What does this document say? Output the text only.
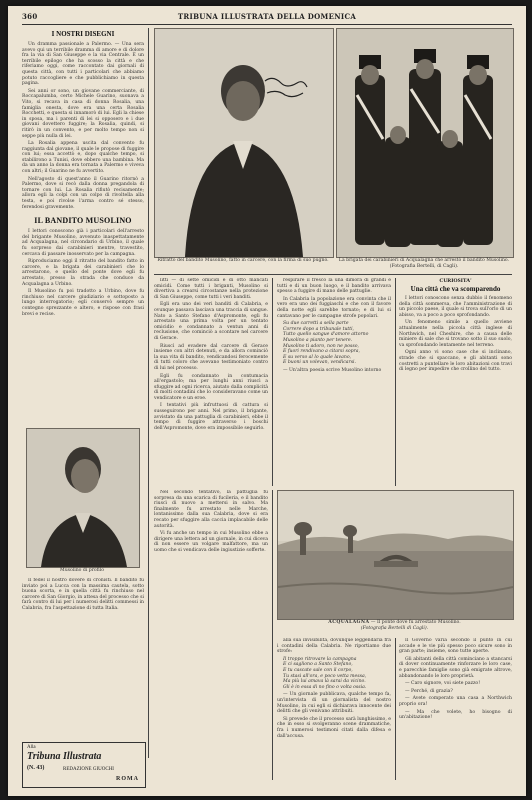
360	TRIBUNA ILLUSTRATA DELLA DOMENICA
I NOSTRI DISEGNI

Un dramma passionale a Palermo. — Una sera avevo qui un terribile dramma di amore e di dolore fra la via di San Giuseppe e la via Centrale. È un terribile epilogo che ha scosso la città e che riferiamo oggi, come raccontato dai giornali di questa città, con tutti i particolari che abbiamo potuto raccogliere e che pubblichiamo in questa pagina.

Sei anni or sono, un giovane commerciante, di Roccapalumba, certo Michele Guarino, suonava a Vito, si recava in casa di donna Rosalia, una famiglia onesta, dove era una certa Rosalia Rocchetti, e questa si innamorò di lui. Egli la chiese in sposa, ma i parenti di lei si opposero e i due giovani dovettero fuggire; la Rosalia, quindi, si ritirò in un convento, e per molto tempo non si seppe più nulla di lei.

La Rosalia appena uscita dal convento fu raggiunta dal giovane, il quale le propose di fuggire con lui; essa accettò e, dopo qualche tempo, si stabilirono a Tunisi, dove ebbero una bambina. Ma da un anno la donna era tornata a Palermo e viveva con altri; il Guarino ne fu avvertito.

Nell'agosto di quest'anno il Guarino ritornò a Palermo, dove si recò dalla donna pregandola di tornare con lui. La Rosalia rifiutò recisamente; allora egli la colpì con un colpo di rivoltella alla testa, e poi rivolse l'arma contro sé stesso, ferendosi gravemente.

IL BANDITO MUSOLINO

I lettori conoscono già i particolari dell'arresto del brigante Musolino, avvenuto inaspettatamente ad Acqualagna, nel circondario di Urbino, il quale fu sorpreso dai carabinieri mentre, travestito, cercava di passare inosservato per la campagna.

Riproduciamo oggi il ritratto del bandito fatto in carcere, e la brigata dei carabinieri che lo arrestarono, e quello del ponte dove egli fu arrestato, presso la strada che conduce da Acqualagna a Urbino.

Il Musolino fu poi tradotto a Urbino, dove fu rinchiuso nel carcere giudiziario e sottoposto a lungo interrogatorio; egli conservò sempre un contegno sprezzante e altero, e rispose con frasi brevi e recise.

Musolino di profilo

Il fedel il nostro dovere di cronisti. Il bandito fu inviato poi a Lucca con la massima cautela, sotto buona scorta, e in quella città fu rinchiuso nel carcere di San Giorgio, in attesa del processo che si farà contro di lui per i numerosi delitti commessi in Calabria, fra l'aspettazione di tutta Italia.

Alla
Tribuna Illustrata
(N. 43)	REDAZIONE GIUOCHI
ROMA
Ritratto del bandito Musolino, fatto in carcere, con la firma di suo pugno.	La brigata dei carabinieri di Acqualagna che arrestò il bandito Musolino. (Fotografia Bertelli, di Cagli).

litti — di sette omicidi e di otto mancati omicidi. Come tutti i briganti, Musolino si divertiva a crearsi circostanze nella protezione di San Giuseppe, come tutti i veri banditi.

Egli era uno dei veri banditi di Calabria, e ovunque passava lasciava una traccia di sangue. Nato a Santo Stefano d'Aspromonte, egli fu arrestato una prima volta per un tentato omicidio e condannato a ventun anni di reclusione, che cominciò a scontare nel carcere di Gerace.

Riuscì ad evadere dal carcere di Gerace insieme con altri detenuti, e da allora cominciò la sua vita di bandito, vendicandosi ferocemente di tutti coloro che avevano testimoniato contro di lui nel processo.

Egli fu condannato in contumacia all'ergastolo; ma per lunghi anni riuscì a sfuggire ad ogni ricerca, aiutato dalla complicità di molti contadini che lo consideravano come un vendicatore e un eroe.

I tentativi più infruttuosi di cattura si susseguirono per anni. Nel primo, il brigante, avvistato da una pattuglia di carabinieri, ebbe il tempo di fuggire attraverso i boschi dell'Aspromonte, dove era impossibile seguirlo.

respirare il fresco la una dimora di grandi e tutti e di un buon luogo, e il bandito arrivava spesso a fuggire di mano delle pattuglie.

In Calabria la popolazione era convinta che il vero era uno dei fuggiaschi e che con il favore della notte egli sarebbe tornato; e di lui si cantavano per le campagne strofe popolari.

Su due carretti a sella parte
Correre dopo a tribunale tutti,
Tutto quello sangue d'amore attorno
Musolino a pianto per tenere.
Musolino ti adoro, non ne posso,
E fuori rendivano a citarsi sopra,
E su verso al lo quale lavano,
E buoni un volevan, vendicarsi.

— Un'altra poesia scrive Musolino intorno

CURIOSITA'
Una città che va scomparendo

I lettori conoscono senza dubbio il fenomeno della città sommersa, che l'amministrazione di un piccolo paese, il quale si trova sull'orlo di un abisso, va a poco a poco sprofondando.

Un fenomeno simile a quello avviene attualmente nella piccola città inglese di Northwich, nel Cheshire, che a causa delle miniere di sale che si trovano sotto il suo suolo, va sprofondando lentamente nel terreno.

Ogni anno vi sono case che si inclinano, strade che si spaccano, e gli abitanti sono costretti a puntellare le loro abitazioni con travi di legno per impedire che crollino del tutto.

ACQUALAGNA — Il ponte dove fu arrestato Musolino.
(Fotografia Bertelli di Cagli).

Nel secondo tentativo, la pattuglia fu sorpresa da una scarica di fucileria, e il bandito riuscì di nuovo a mettersi in salvo. Ma finalmente fu arrestato nelle Marche, lontanissimo dalla sua Calabria, dove si era recato per sfuggire alla caccia implacabile delle autorità.

Vi fu anche un tempo in cui Musolino ebbe a dirigere una lettera ad un giornale, in cui diceva di non essere un volgare malfattore, ma un uomo che si vendicava delle ingiustizie sofferte.

alla sua invisibilità, dovunque leggendaria fra i contadini della Calabria. Ne riportiamo due strofe:

Il troppo ritrovare la campagna
E ci sagliono a Santo Stefano,
E tu cascate sale con il corpo,
Tu stasi all'ora, e poco vetta messa,
Ma più lui amava là sarai da vicino.
Gli è in essa di no fino o volta ossia.

— Un giornale pubblicava, qualche tempo fa, un'intervista di un giornalista del nostro Musolino, in cui egli si dichiarava innocente dei delitti che gli venivano attribuiti.

Si prevede che il processo sarà lunghissimo, e che in esso si svolgeranno scene drammatiche, fra i numerosi testimoni citati dalla difesa e dall'accusa.

Il Governo varia secondo il punto in cui accade e le vie più spesso poco sicure sono in gran parte; insieme, sono tutte aperte.

Gli abitanti della città cominciano a stancarsi di dover continuamente rinforzare le loro case, e parecchie famiglie sono già emigrate altrove, abbandonando le loro proprietà.

— Caro signore, voi siete pazzo!

— Perché, di grazia?

— Avete comperato una casa a Northwich proprio ora!

— Ma che volete, ho bisogno di un'abitazione!
